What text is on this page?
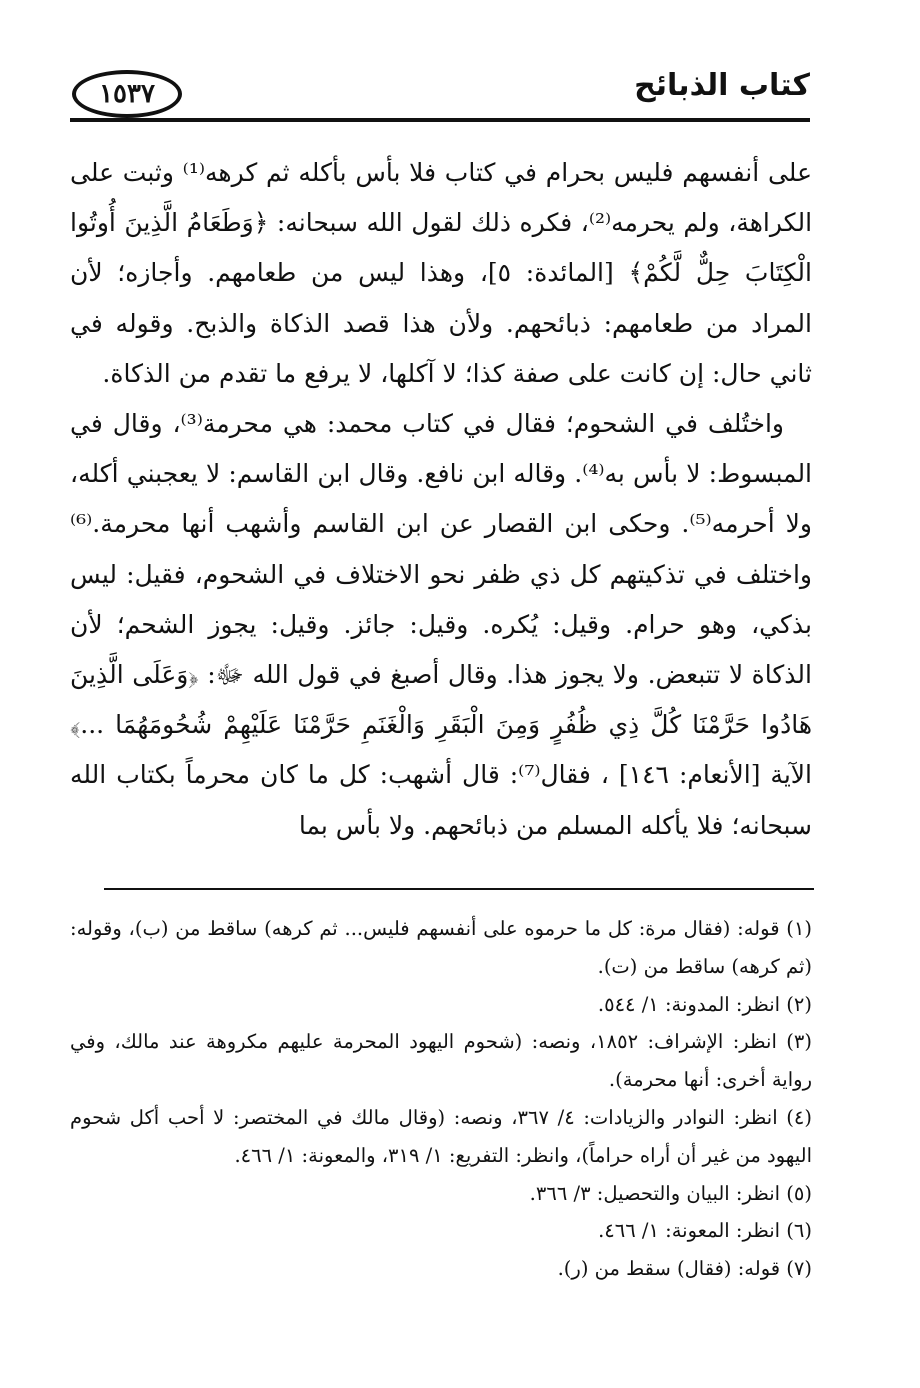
١٥٣٧	كتاب الذبائح

على أنفسهم فليس بحرام في كتاب فلا بأس بأكله ثم كرهه⁽¹⁾ وثبت على الكراهة، ولم يحرمه⁽²⁾، فكره ذلك لقول الله سبحانه: ﴿وَطَعَامُ الَّذِينَ أُوتُوا الْكِتَابَ حِلٌّ لَّكُمْ﴾ [المائدة: ٥]، وهذا ليس من طعامهم. وأجازه؛ لأن المراد من طعامهم: ذبائحهم. ولأن هذا قصد الذكاة والذبح. وقوله في ثاني حال: إن كانت على صفة كذا؛ لا آكلها، لا يرفع ما تقدم من الذكاة.

واختُلف في الشحوم؛ فقال في كتاب محمد: هي محرمة⁽³⁾، وقال في المبسوط: لا بأس به⁽⁴⁾. وقاله ابن نافع. وقال ابن القاسم: لا يعجبني أكله، ولا أحرمه⁽⁵⁾. وحكى ابن القصار عن ابن القاسم وأشهب أنها محرمة.⁽⁶⁾ واختلف في تذكيتهم كل ذي ظفر نحو الاختلاف في الشحوم، فقيل: ليس بذكي، وهو حرام. وقيل: يُكره. وقيل: جائز. وقيل: يجوز الشحم؛ لأن الذكاة لا تتبعض. ولا يجوز هذا. وقال أصبغ في قول الله ﷻ: ﴿وَعَلَى الَّذِينَ هَادُوا حَرَّمْنَا كُلَّ ذِي ظُفُرٍ وَمِنَ الْبَقَرِ وَالْغَنَمِ حَرَّمْنَا عَلَيْهِمْ شُحُومَهُمَا ...﴾ الآية [الأنعام: ١٤٦] ، فقال⁽⁷⁾: قال أشهب: كل ما كان محرماً بكتاب الله سبحانه؛ فلا يأكله المسلم من ذبائحهم. ولا بأس بما

(١) قوله: (فقال مرة: كل ما حرموه على أنفسهم فليس... ثم كرهه) ساقط من (ب)، وقوله: (ثم كرهه) ساقط من (ت).

(٢) انظر: المدونة: ١/ ٥٤٤.

(٣) انظر: الإشراف: ١٨٥٢، ونصه: (شحوم اليهود المحرمة عليهم مكروهة عند مالك، وفي رواية أخرى: أنها محرمة).

(٤) انظر: النوادر والزيادات: ٤/ ٣٦٧، ونصه: (وقال مالك في المختصر: لا أحب أكل شحوم اليهود من غير أن أراه حراماً)، وانظر: التفريع: ١/ ٣١٩، والمعونة: ١/ ٤٦٦.

(٥) انظر: البيان والتحصيل: ٣/ ٣٦٦.

(٦) انظر: المعونة: ١/ ٤٦٦.

(٧) قوله: (فقال) سقط من (ر).
